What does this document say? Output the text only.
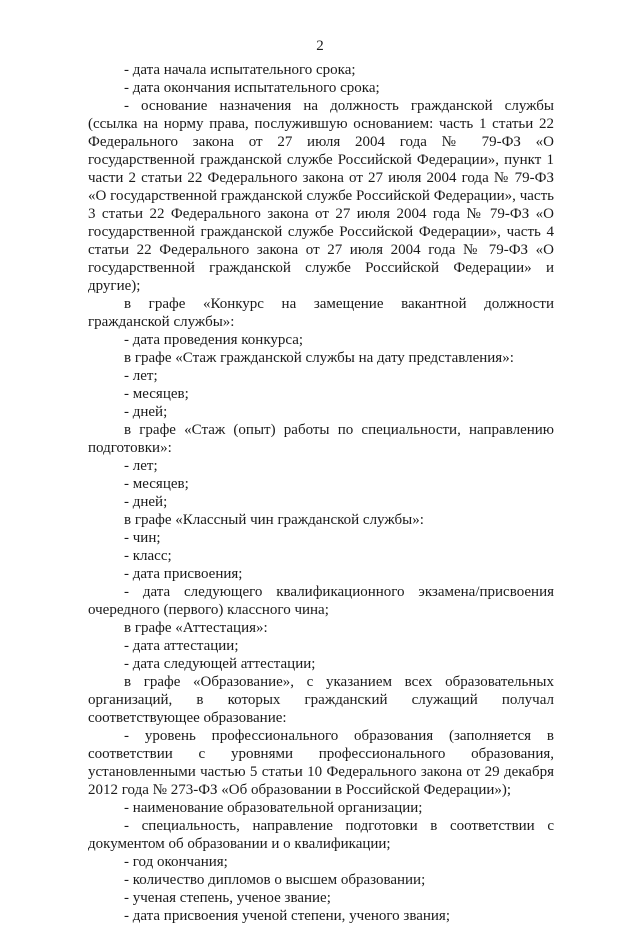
2

- дата начала испытательного срока;

- дата окончания испытательного срока;

- основание назначения на должность гражданской службы (ссылка на норму права, послужившую основанием: часть 1 статьи 22 Федерального закона от 27 июля 2004 года № 79-ФЗ «О государственной гражданской службе Российской Федерации», пункт 1 части 2 статьи 22 Федерального закона от 27 июля 2004 года № 79-ФЗ «О государственной гражданской службе Российской Федерации», часть 3 статьи 22 Федерального закона от 27 июля 2004 года № 79-ФЗ «О государственной гражданской службе Российской Федерации», часть 4 статьи 22 Федерального закона от 27 июля 2004 года № 79-ФЗ «О государственной гражданской службе Российской Федерации» и другие);

в графе «Конкурс на замещение вакантной должности гражданской службы»:

- дата проведения конкурса;

в графе «Стаж гражданской службы на дату представления»:

- лет;

- месяцев;

- дней;

в графе «Стаж (опыт) работы по специальности, направлению подготовки»:

- лет;

- месяцев;

- дней;

в графе «Классный чин гражданской службы»:

- чин;

- класс;

- дата присвоения;

- дата следующего квалификационного экзамена/присвоения очередного (первого) классного чина;

в графе «Аттестация»:

- дата аттестации;

- дата следующей аттестации;

в графе «Образование», с указанием всех образовательных организаций, в которых гражданский служащий получал соответствующее образование:

- уровень профессионального образования (заполняется в соответствии с уровнями профессионального образования, установленными частью 5 статьи 10 Федерального закона от 29 декабря 2012 года № 273-ФЗ «Об образовании в Российской Федерации»);

- наименование образовательной организации;

- специальность, направление подготовки в соответствии с документом об образовании и о квалификации;

- год окончания;

- количество дипломов о высшем образовании;

- ученая степень, ученое звание;

- дата присвоения ученой степени, ученого звания;
